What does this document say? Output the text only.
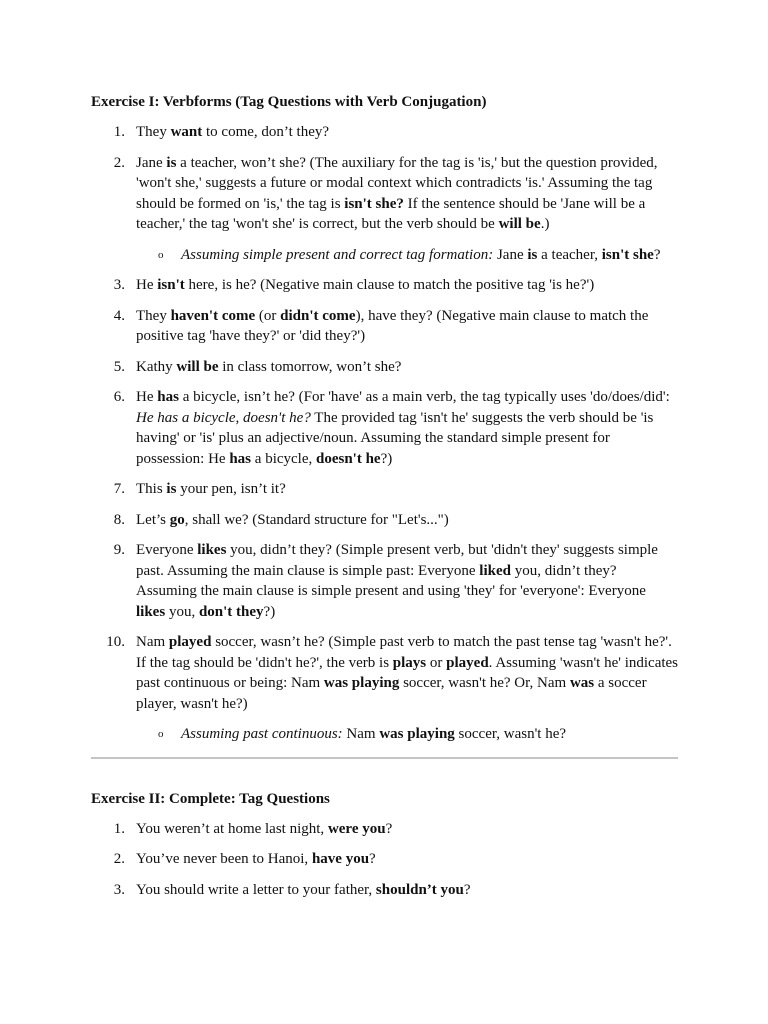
Exercise I: Verbforms (Tag Questions with Verb Conjugation)
1. They want to come, don’t they?
2. Jane is a teacher, won’t she? (The auxiliary for the tag is 'is,' but the question provided, 'won't she,' suggests a future or modal context which contradicts 'is.' Assuming the tag should be formed on 'is,' the tag is isn't she? If the sentence should be 'Jane will be a teacher,' the tag 'won't she' is correct, but the verb should be will be.)
o Assuming simple present and correct tag formation: Jane is a teacher, isn't she?
3. He isn't here, is he? (Negative main clause to match the positive tag 'is he?')
4. They haven't come (or didn't come), have they? (Negative main clause to match the positive tag 'have they?' or 'did they?')
5. Kathy will be in class tomorrow, won’t she?
6. He has a bicycle, isn’t he? (For 'have' as a main verb, the tag typically uses 'do/does/did': He has a bicycle, doesn't he? The provided tag 'isn't he' suggests the verb should be 'is having' or 'is' plus an adjective/noun. Assuming the standard simple present for possession: He has a bicycle, doesn't he?)
7. This is your pen, isn’t it?
8. Let’s go, shall we? (Standard structure for "Let's...")
9. Everyone likes you, didn’t they? (Simple present verb, but 'didn't they' suggests simple past. Assuming the main clause is simple past: Everyone liked you, didn’t they? Assuming the main clause is simple present and using 'they' for 'everyone': Everyone likes you, don't they?)
10. Nam played soccer, wasn’t he? (Simple past verb to match the past tense tag 'wasn't he?'. If the tag should be 'didn't he?', the verb is plays or played. Assuming 'wasn't he' indicates past continuous or being: Nam was playing soccer, wasn't he? Or, Nam was a soccer player, wasn't he?)
o Assuming past continuous: Nam was playing soccer, wasn't he?
Exercise II: Complete: Tag Questions
1. You weren’t at home last night, were you?
2. You’ve never been to Hanoi, have you?
3. You should write a letter to your father, shouldn’t you?
